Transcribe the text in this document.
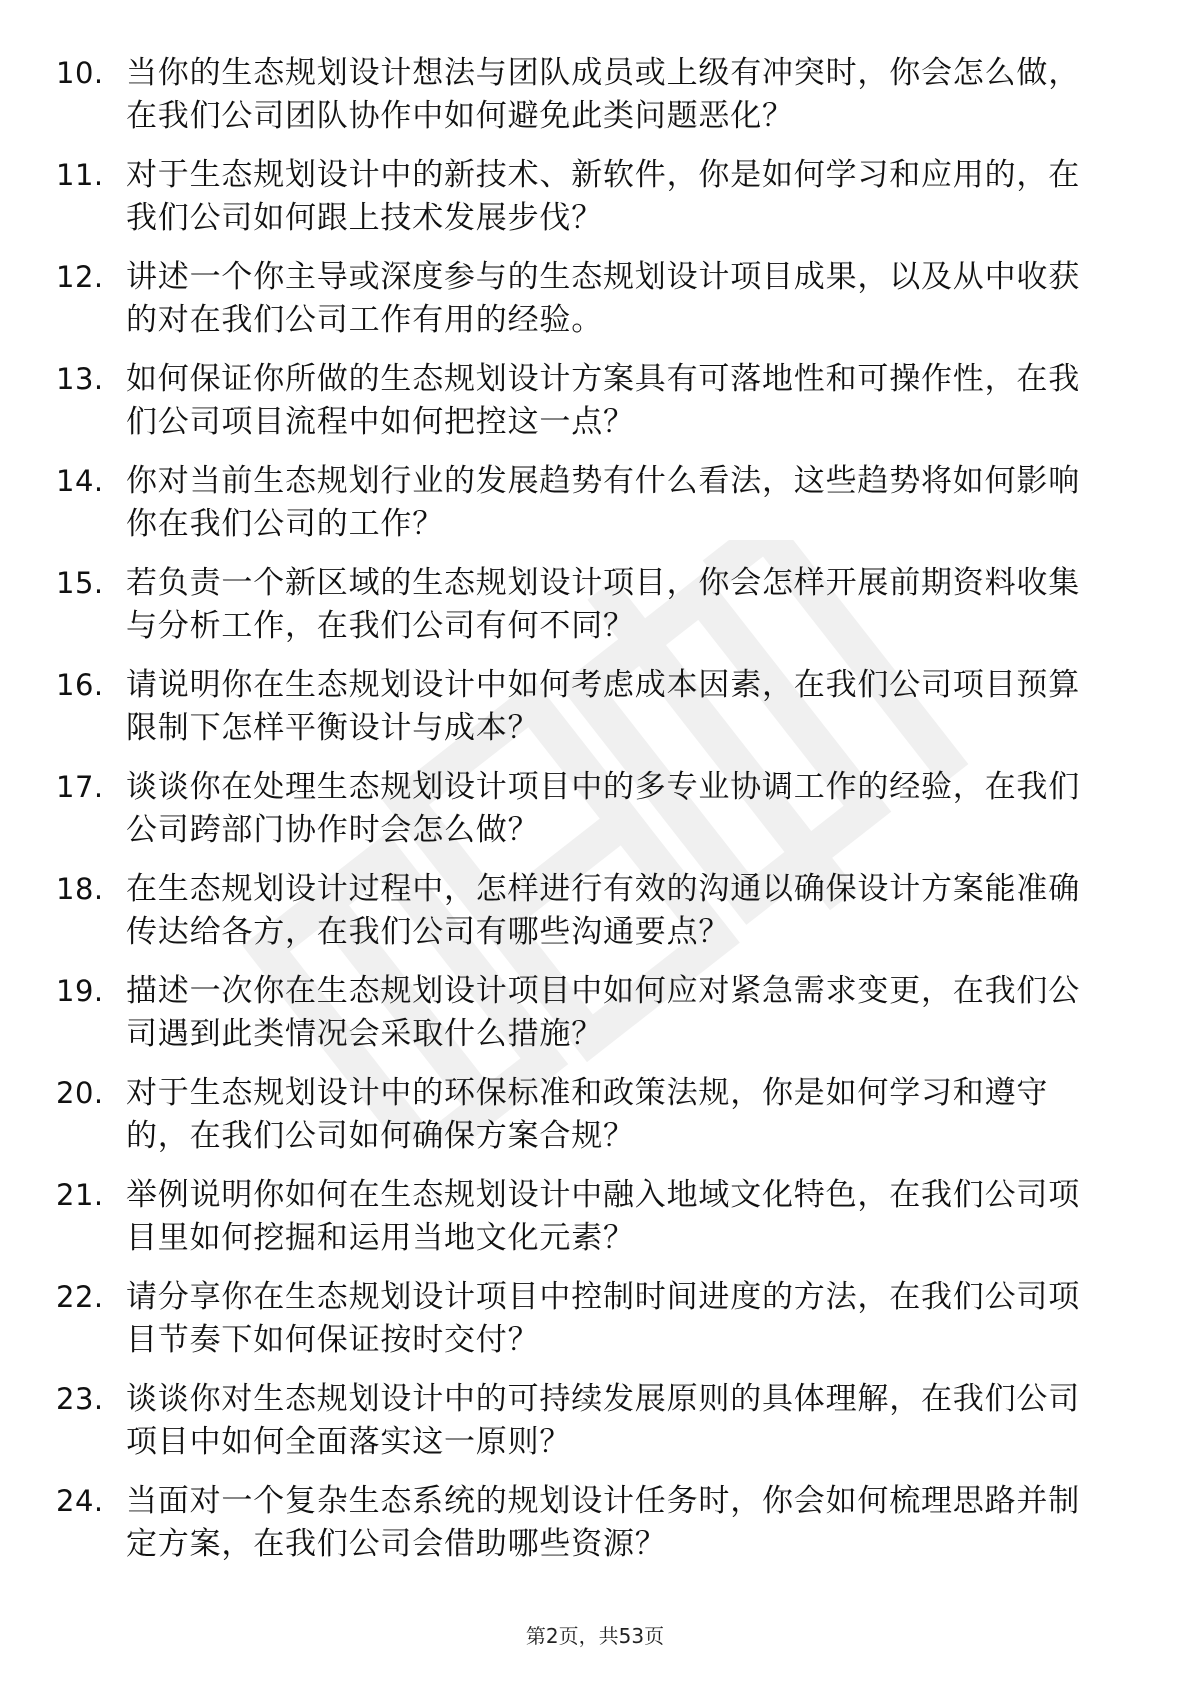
10. 当你的生态规划设计想法与团队成员或上级有冲突时，你会怎么做，在我们公司团队协作中如何避免此类问题恶化？
11. 对于生态规划设计中的新技术、新软件，你是如何学习和应用的，在我们公司如何跟上技术发展步伐？
12. 讲述一个你主导或深度参与的生态规划设计项目成果，以及从中收获的对在我们公司工作有用的经验。
13. 如何保证你所做的生态规划设计方案具有可落地性和可操作性，在我们公司项目流程中如何把控这一点？
14. 你对当前生态规划行业的发展趋势有什么看法，这些趋势将如何影响你在我们公司的工作？
15. 若负责一个新区域的生态规划设计项目，你会怎样开展前期资料收集与分析工作，在我们公司有何不同？
16. 请说明你在生态规划设计中如何考虑成本因素，在我们公司项目预算限制下怎样平衡设计与成本？
17. 谈谈你在处理生态规划设计项目中的多专业协调工作的经验，在我们公司跨部门协作时会怎么做？
18. 在生态规划设计过程中，怎样进行有效的沟通以确保设计方案能准确传达给各方，在我们公司有哪些沟通要点？
19. 描述一次你在生态规划设计项目中如何应对紧急需求变更，在我们公司遇到此类情况会采取什么措施？
20. 对于生态规划设计中的环保标准和政策法规，你是如何学习和遵守的，在我们公司如何确保方案合规？
21. 举例说明你如何在生态规划设计中融入地域文化特色，在我们公司项目里如何挖掘和运用当地文化元素？
22. 请分享你在生态规划设计项目中控制时间进度的方法，在我们公司项目节奏下如何保证按时交付？
23. 谈谈你对生态规划设计中的可持续发展原则的具体理解，在我们公司项目中如何全面落实这一原则？
24. 当面对一个复杂生态系统的规划设计任务时，你会如何梳理思路并制定方案，在我们公司会借助哪些资源？
第2页，共53页
